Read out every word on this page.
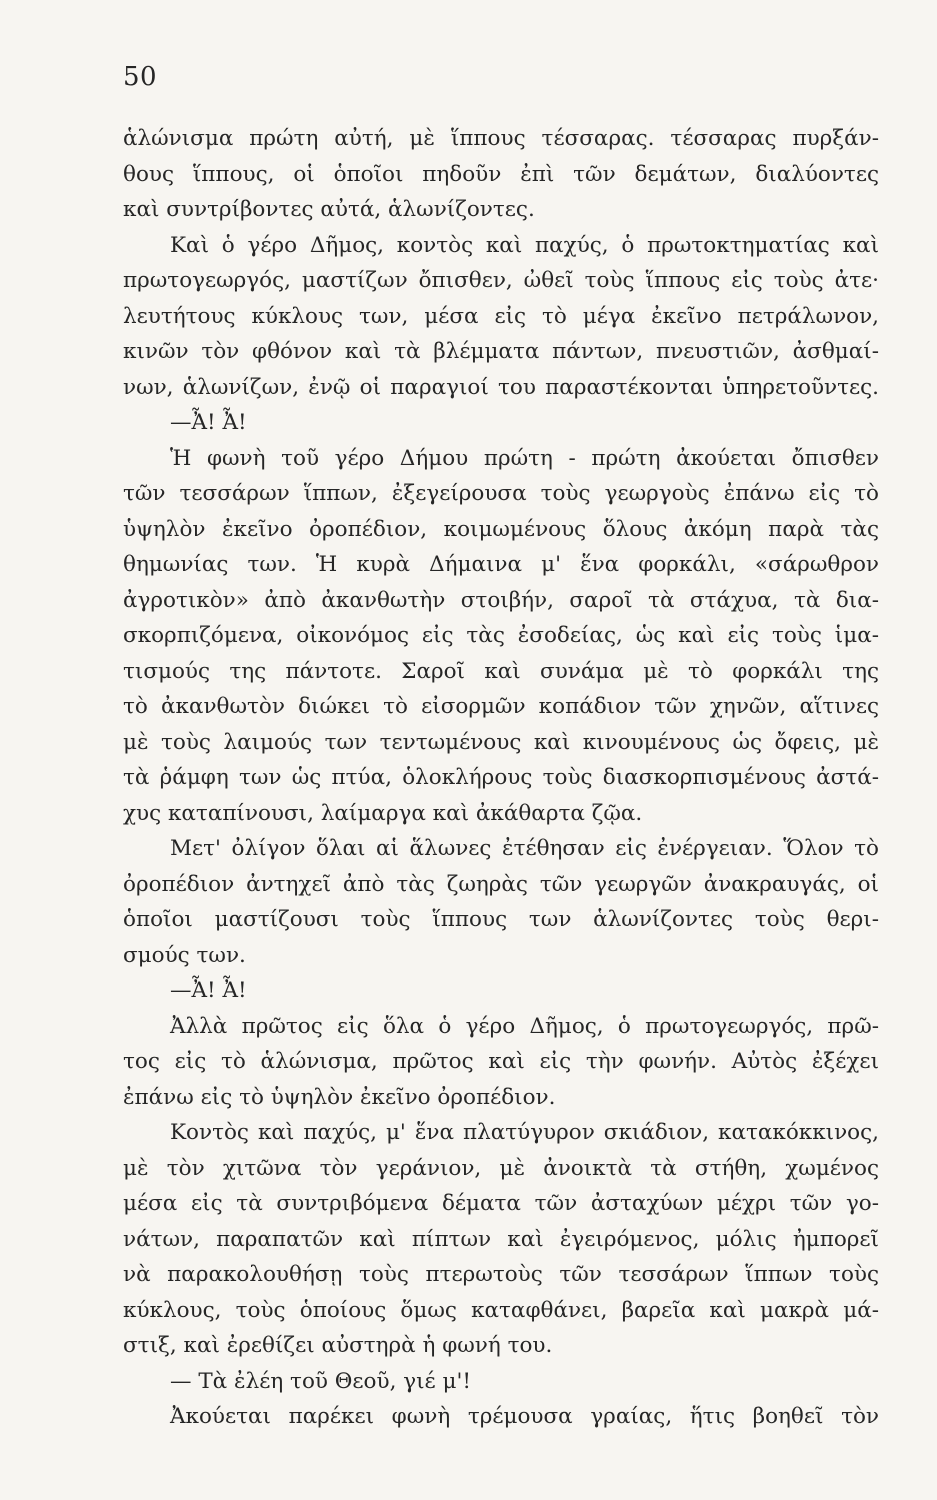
50
ἁλώνισμα πρώτη αὐτή, μὲ ἵππους τέσσαρας. τέσσαρας πυρξάν-
θους ἵππους, οἱ ὁποῖοι πηδοῦν ἐπὶ τῶν δεμάτων, διαλύοντες
καὶ συντρίβοντες αὐτά, ἁλωνίζοντες.
Καὶ ὁ γέρο Δῆμος, κοντὸς καὶ παχύς, ὁ πρωτοκτηματίας καὶ
πρωτογεωργός, μαστίζων ὄπισθεν, ὠθεῖ τοὺς ἵππους εἰς τοὺς ἀτε·
λευτήτους κύκλους των, μέσα εἰς τὸ μέγα ἐκεῖνο πετράλωνον,
κινῶν τὸν φθόνον καὶ τὰ βλέμματα πάντων, πνευστιῶν, ἀσθμαί-
νων, ἁλωνίζων, ἐνῷ οἱ παραγιοί του παραστέκονται ὑπηρετοῦντες.
—Ἆ! Ἆ!
Ἡ φωνὴ τοῦ γέρο Δήμου πρώτη - πρώτη ἀκούεται ὄπισθεν
τῶν τεσσάρων ἵππων, ἐξεγείρουσα τοὺς γεωργοὺς ἐπάνω εἰς τὸ
ὑψηλὸν ἐκεῖνο ὀροπέδιον, κοιμωμένους ὅλους ἀκόμη παρὰ τὰς
θημωνίας των. Ἡ κυρὰ Δήμαινα μ' ἕνα φορκάλι, «σάρωθρον
ἀγροτικὸν» ἀπὸ ἀκανθωτὴν στοιβήν, σαροῖ τὰ στάχυα, τὰ δια-
σκορπιζόμενα, οἰκονόμος εἰς τὰς ἐσοδείας, ὡς καὶ εἰς τοὺς ἱμα-
τισμούς της πάντοτε. Σαροῖ καὶ συνάμα μὲ τὸ φορκάλι της
τὸ ἀκανθωτὸν διώκει τὸ εἰσορμῶν κοπάδιον τῶν χηνῶν, αἵτινες
μὲ τοὺς λαιμούς των τεντωμένους καὶ κινουμένους ὡς ὄφεις, μὲ
τὰ ῥάμφη των ὡς πτύα, ὁλοκλήρους τοὺς διασκορπισμένους ἀστά-
χυς καταπίνουσι, λαίμαργα καὶ ἀκάθαρτα ζῷα.
Μετ' ὀλίγον ὅλαι αἱ ἅλωνες ἐτέθησαν εἰς ἐνέργειαν. Ὅλον τὸ
ὀροπέδιον ἀντηχεῖ ἀπὸ τὰς ζωηρὰς τῶν γεωργῶν ἀνακραυγάς, οἱ
ὁποῖοι μαστίζουσι τοὺς ἵππους των ἁλωνίζοντες τοὺς θερι-
σμούς των.
—Ἆ! Ἆ!
Ἀλλὰ πρῶτος εἰς ὅλα ὁ γέρο Δῆμος, ὁ πρωτογεωργός, πρῶ-
τος εἰς τὸ ἁλώνισμα, πρῶτος καὶ εἰς τὴν φωνήν. Αὐτὸς ἐξέχει
ἐπάνω εἰς τὸ ὑψηλὸν ἐκεῖνο ὀροπέδιον.
Κοντὸς καὶ παχύς, μ' ἕνα πλατύγυρον σκιάδιον, κατακόκκινος,
μὲ τὸν χιτῶνα τὸν γεράνιον, μὲ ἀνοικτὰ τὰ στήθη, χωμένος
μέσα εἰς τὰ συντριβόμενα δέματα τῶν ἀσταχύων μέχρι τῶν γο-
νάτων, παραπατῶν καὶ πίπτων καὶ ἐγειρόμενος, μόλις ἠμπορεῖ
νὰ παρακολουθήσῃ τοὺς πτερωτοὺς τῶν τεσσάρων ἵππων τοὺς
κύκλους, τοὺς ὁποίους ὅμως καταφθάνει, βαρεῖα καὶ μακρὰ μά-
στιξ, καὶ ἐρεθίζει αὐστηρὰ ἡ φωνή του.
— Τὰ ἐλέη τοῦ Θεοῦ, γιέ μ'!
Ἀκούεται παρέκει φωνὴ τρέμουσα γραίας, ἥτις βοηθεῖ τὸν
